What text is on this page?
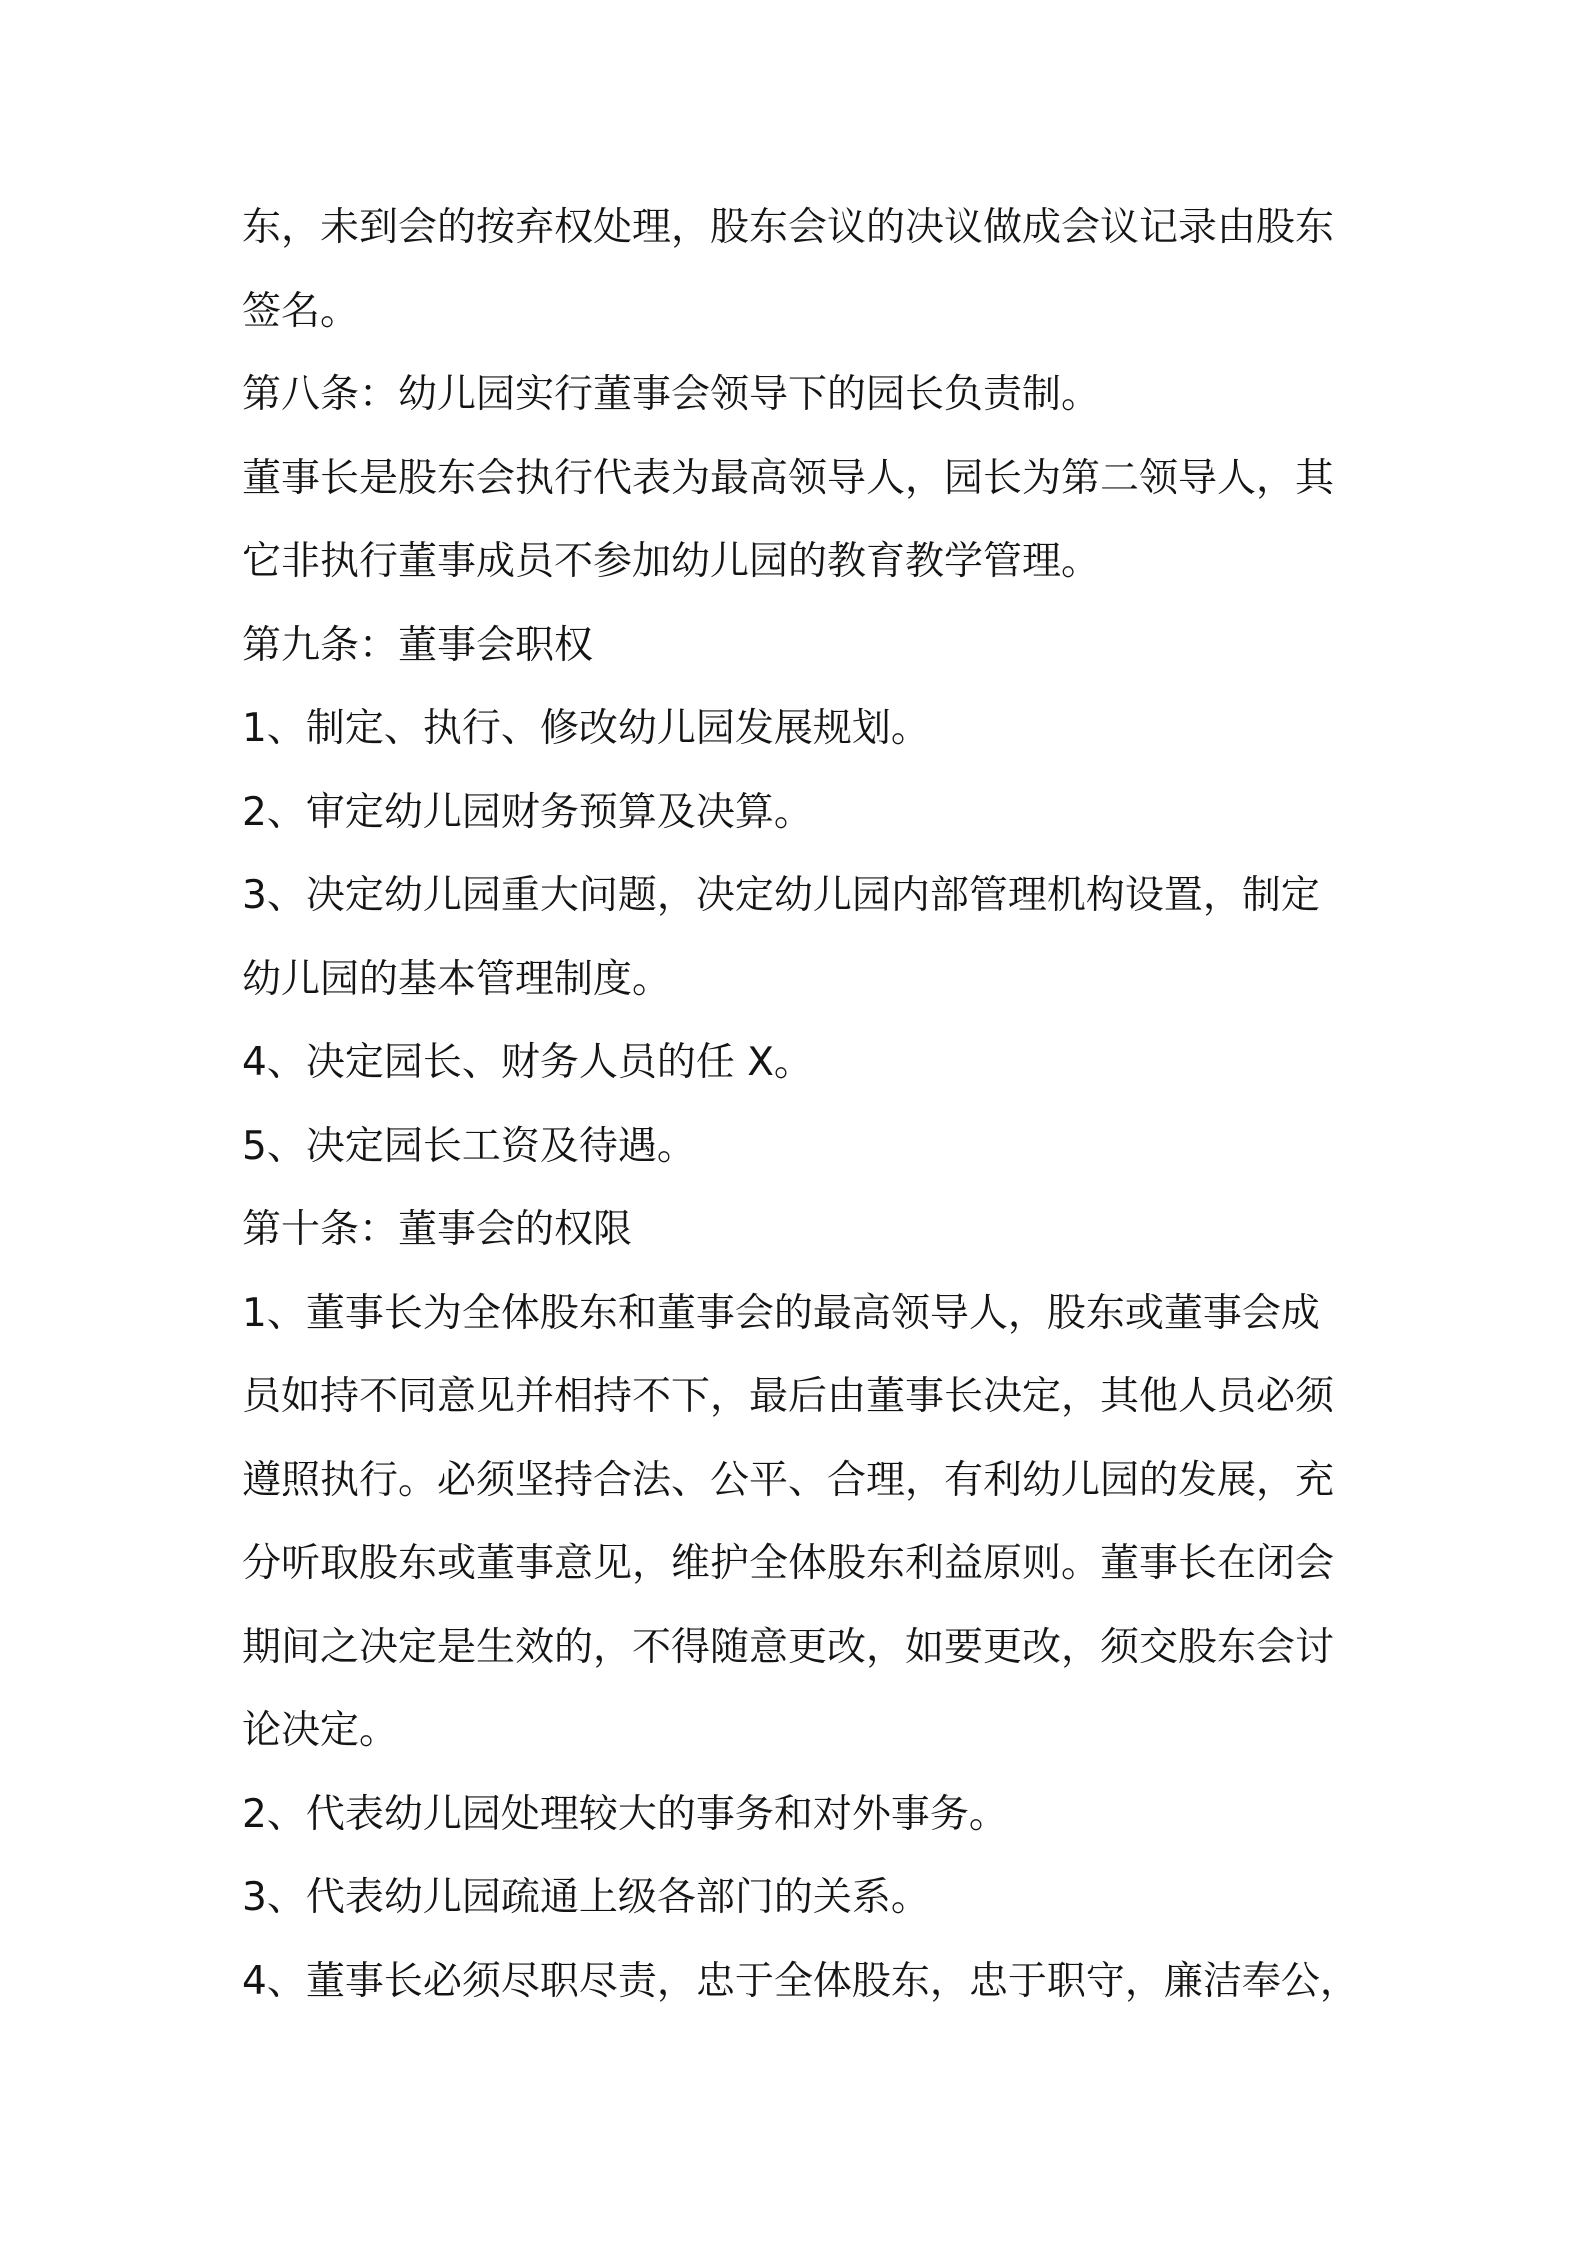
东，未到会的按弃权处理，股东会议的决议做成会议记录由股东
签名。
第八条：幼儿园实行董事会领导下的园长负责制。
董事长是股东会执行代表为最高领导人，园长为第二领导人，其
它非执行董事成员不参加幼儿园的教育教学管理。
第九条：董事会职权
1、制定、执行、修改幼儿园发展规划。
2、审定幼儿园财务预算及决算。
3、决定幼儿园重大问题，决定幼儿园内部管理机构设置，制定
幼儿园的基本管理制度。
4、决定园长、财务人员的任 X。
5、决定园长工资及待遇。
第十条：董事会的权限
1、董事长为全体股东和董事会的最高领导人，股东或董事会成
员如持不同意见并相持不下，最后由董事长决定，其他人员必须
遵照执行。必须坚持合法、公平、合理，有利幼儿园的发展，充
分听取股东或董事意见，维护全体股东利益原则。董事长在闭会
期间之决定是生效的，不得随意更改，如要更改，须交股东会讨
论决定。
2、代表幼儿园处理较大的事务和对外事务。
3、代表幼儿园疏通上级各部门的关系。
4、董事长必须尽职尽责，忠于全体股东，忠于职守，廉洁奉公，
